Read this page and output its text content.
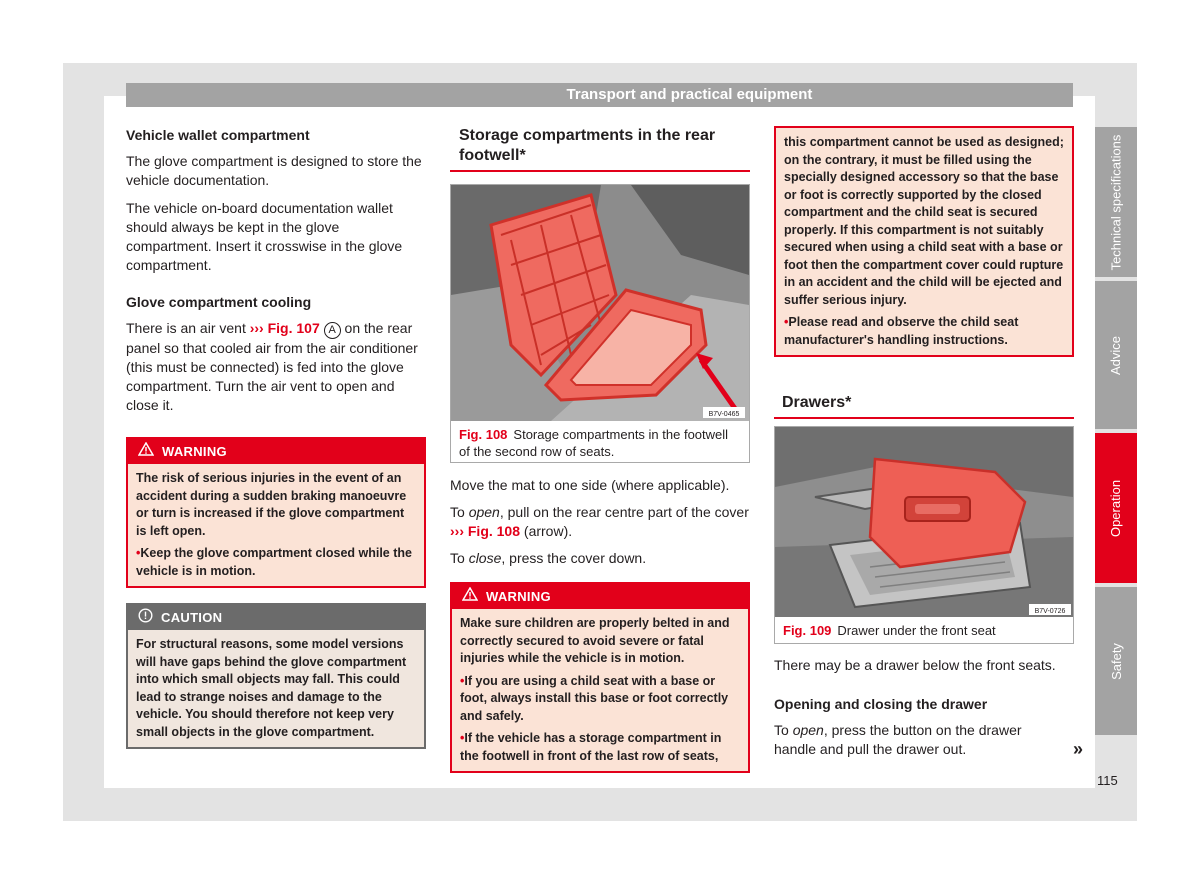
Transport and practical equipment
Technical specifications
Advice
Operation
Safety
Vehicle wallet compartment

The glove compartment is designed to store the vehicle documentation.

The vehicle on-board documentation wallet should always be kept in the glove compartment. Insert it crosswise in the glove compartment.

Glove compartment cooling

There is an air vent ››› Fig. 107 A on the rear panel so that cooled air from the air conditioner (this must be connected) is fed into the glove compartment. Turn the air vent to open and close it.

WARNING

The risk of serious injuries in the event of an accident during a sudden braking manoeuvre or turn is increased if the glove compartment is left open.

• Keep the glove compartment closed while the vehicle is in motion.

CAUTION

For structural reasons, some model versions will have gaps behind the glove compartment into which small objects may fall. This could lead to strange noises and damage to the vehicle. You should therefore not keep very small objects in the glove compartment.

Storage compartments in the rear footwell*
B7V-0465
Fig. 108 Storage compartments in the footwell of the second row of seats.

Move the mat to one side (where applicable).

To open, pull on the rear centre part of the cover ››› Fig. 108 (arrow).

To close, press the cover down.

WARNING

Make sure children are properly belted in and correctly secured to avoid severe or fatal injuries while the vehicle is in motion.

• If you are using a child seat with a base or foot, always install this base or foot correctly and safely.

• If the vehicle has a storage compartment in the footwell in front of the last row of seats,

this compartment cannot be used as designed; on the contrary, it must be filled using the specially designed accessory so that the base or foot is correctly supported by the closed compartment and the child seat is secured properly. If this compartment is not suitably secured when using a child seat with a base or foot then the compartment cover could rupture in an accident and the child will be ejected and suffer serious injury.

• Please read and observe the child seat manufacturer's handling instructions.

Drawers*
B7V-0726
Fig. 109 Drawer under the front seat

There may be a drawer below the front seats.

Opening and closing the drawer

To open, press the button on the drawer handle and pull the drawer out.	»
115
